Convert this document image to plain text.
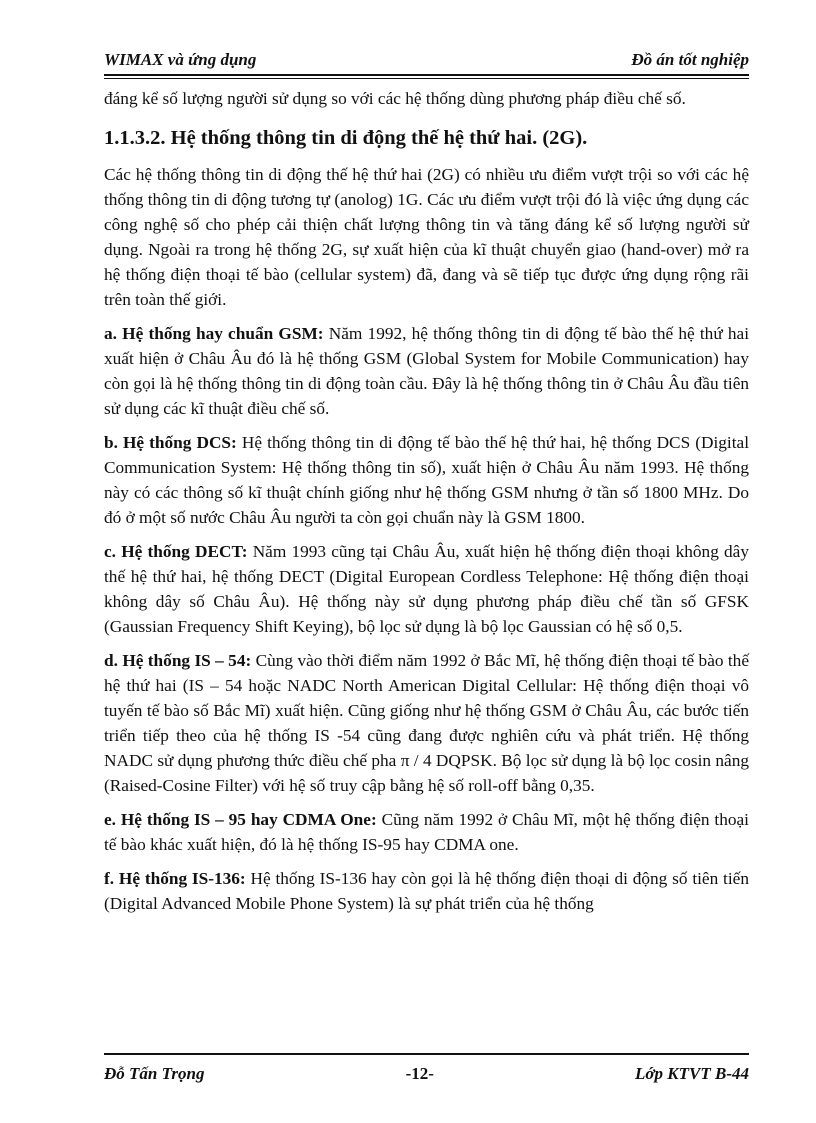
WIMAX và ứng dụng	Đồ án tốt nghiệp

đáng kể số lượng người sử dụng so với các hệ thống dùng phương pháp điều chế số.

1.1.3.2. Hệ thống thông tin di động thế hệ thứ hai. (2G).

Các hệ thống thông tin di động thế hệ thứ hai (2G) có nhiều ưu điểm vượt trội so với các hệ thống thông tin di động tương tự (anolog) 1G. Các ưu điểm vượt trội đó là việc ứng dụng các công nghệ số cho phép cải thiện chất lượng thông tin và tăng đáng kể số lượng người sử dụng. Ngoài ra trong hệ thống 2G, sự xuất hiện của kĩ thuật chuyển giao (hand-over) mở ra hệ thống điện thoại tế bào (cellular system) đã, đang và sẽ tiếp tục được ứng dụng rộng rãi trên toàn thế giới.

a. Hệ thống hay chuẩn GSM: Năm 1992, hệ thống thông tin di động tế bào thế hệ thứ hai xuất hiện ở Châu Âu đó là hệ thống GSM (Global System for Mobile Communication) hay còn gọi là hệ thống thông tin di động toàn cầu. Đây là hệ thống thông tin ở Châu Âu đầu tiên sử dụng các kĩ thuật điều chế số.

b. Hệ thống DCS: Hệ thống thông tin di động tế bào thế hệ thứ hai, hệ thống DCS (Digital Communication System: Hệ thống thông tin số), xuất hiện ở Châu Âu năm 1993. Hệ thống này có các thông số kĩ thuật chính giống như hệ thống GSM nhưng ở tần số 1800 MHz. Do đó ở một số nước Châu Âu người ta còn gọi chuẩn này là GSM 1800.

c. Hệ thống DECT: Năm 1993 cũng tại Châu Âu, xuất hiện hệ thống điện thoại không dây thế hệ thứ hai, hệ thống DECT (Digital European Cordless Telephone: Hệ thống điện thoại không dây số Châu Âu). Hệ thống này sử dụng phương pháp điều chế tần số GFSK (Gaussian Frequency Shift Keying), bộ lọc sử dụng là bộ lọc Gaussian có hệ số 0,5.

d. Hệ thống IS – 54: Cùng vào thời điểm năm 1992 ở Bắc Mĩ, hệ thống điện thoại tế bào thế hệ thứ hai (IS – 54 hoặc NADC North American Digital Cellular: Hệ thống điện thoại vô tuyến tế bào số Bắc Mĩ) xuất hiện. Cũng giống như hệ thống GSM ở Châu Âu, các bước tiến triển tiếp theo của hệ thống IS -54 cũng đang được nghiên cứu và phát triển. Hệ thống NADC sử dụng phương thức điều chế pha π / 4 DQPSK. Bộ lọc sử dụng là bộ lọc cosin nâng (Raised-Cosine Filter) với hệ số truy cập bằng hệ số roll-off bằng 0,35.

e. Hệ thống IS – 95 hay CDMA One: Cũng năm 1992 ở Châu Mĩ, một hệ thống điện thoại tế bào khác xuất hiện, đó là hệ thống IS-95 hay CDMA one.

f. Hệ thống IS-136: Hệ thống IS-136 hay còn gọi là hệ thống điện thoại di động số tiên tiến (Digital Advanced Mobile Phone System) là sự phát triển của hệ thống

Đỗ Tấn Trọng	-12-	Lớp KTVT B-44
